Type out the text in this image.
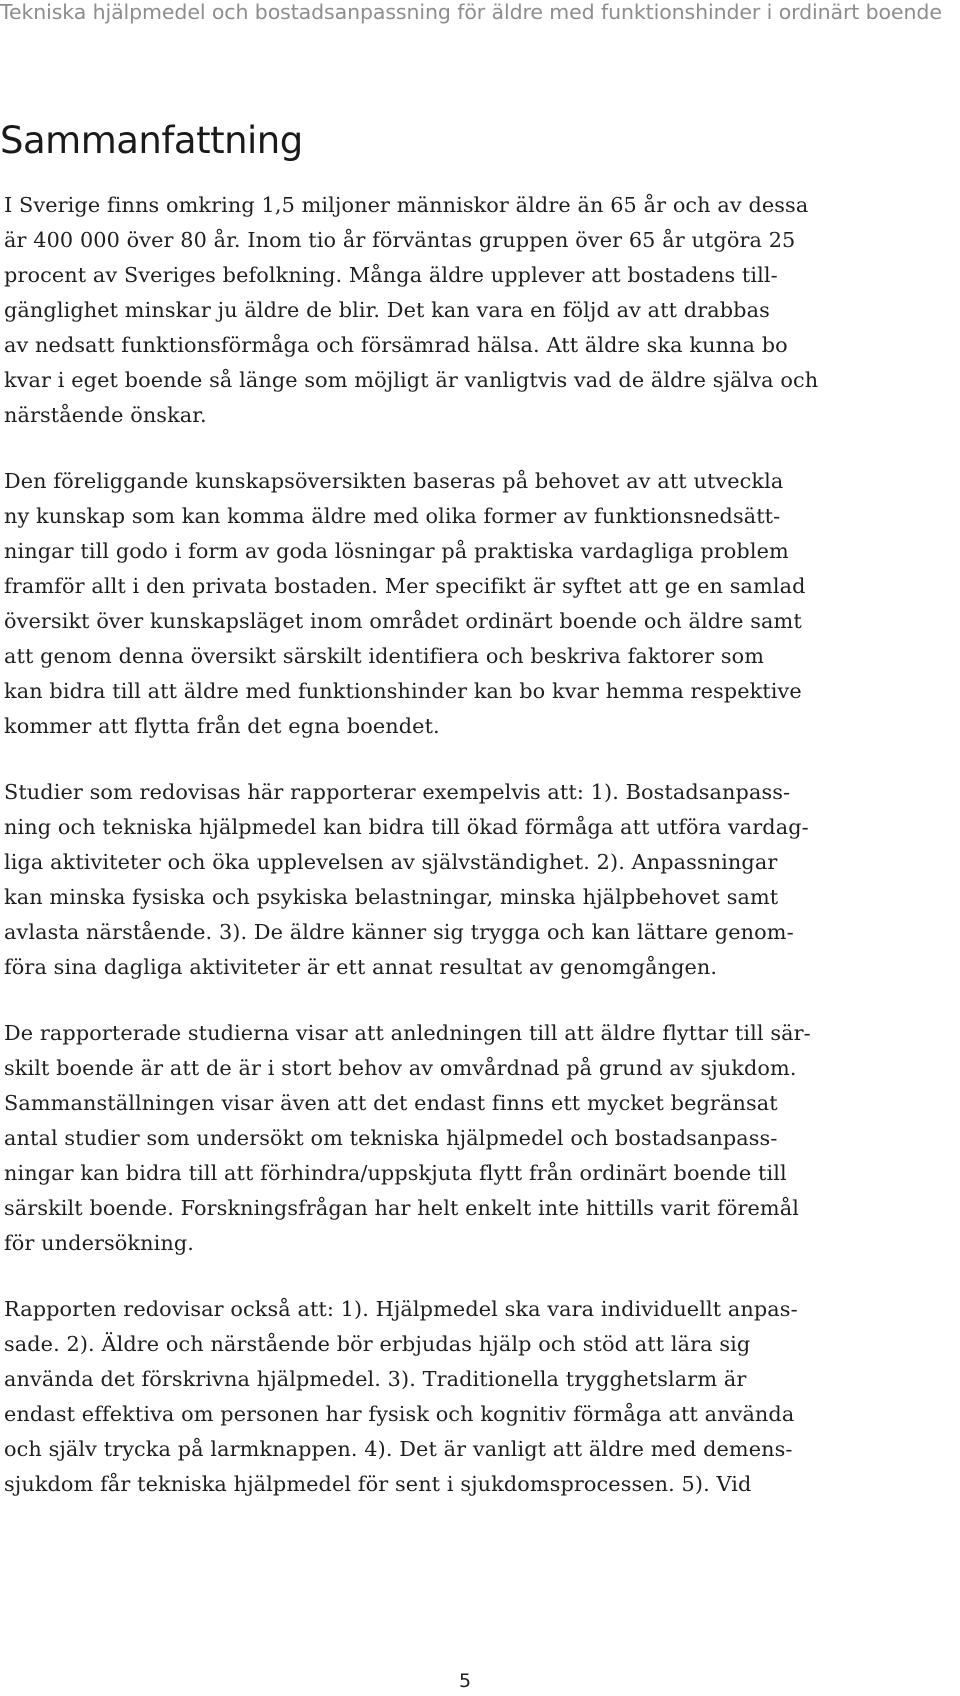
Tekniska hjälpmedel och bostadsanpassning för äldre med funktionshinder i ordinärt boende
Sammanfattning

I Sverige finns omkring 1,5 miljoner människor äldre än 65 år och av dessa
är 400 000 över 80 år. Inom tio år förväntas gruppen över 65 år utgöra 25
procent av Sveriges befolkning. Många äldre upplever att bostadens till-
gänglighet minskar ju äldre de blir. Det kan vara en följd av att drabbas
av nedsatt funktionsförmåga och försämrad hälsa. Att äldre ska kunna bo
kvar i eget boende så länge som möjligt är vanligtvis vad de äldre själva och
närstående önskar.

Den föreliggande kunskapsöversikten baseras på behovet av att utveckla
ny kunskap som kan komma äldre med olika former av funktionsnedsätt-
ningar till godo i form av goda lösningar på praktiska vardagliga problem
framför allt i den privata bostaden. Mer specifikt är syftet att ge en samlad
översikt över kunskapsläget inom området ordinärt boende och äldre samt
att genom denna översikt särskilt identifiera och beskriva faktorer som
kan bidra till att äldre med funktionshinder kan bo kvar hemma respektive
kommer att flytta från det egna boendet.

Studier som redovisas här rapporterar exempelvis att: 1). Bostadsanpass-
ning och tekniska hjälpmedel kan bidra till ökad förmåga att utföra vardag-
liga aktiviteter och öka upplevelsen av självständighet. 2). Anpassningar
kan minska fysiska och psykiska belastningar, minska hjälpbehovet samt
avlasta närstående. 3). De äldre känner sig trygga och kan lättare genom-
föra sina dagliga aktiviteter är ett annat resultat av genomgången.

De rapporterade studierna visar att anledningen till att äldre flyttar till sär-
skilt boende är att de är i stort behov av omvårdnad på grund av sjukdom.
Sammanställningen visar även att det endast finns ett mycket begränsat
antal studier som undersökt om tekniska hjälpmedel och bostadsanpass-
ningar kan bidra till att förhindra/uppskjuta flytt från ordinärt boende till
särskilt boende. Forskningsfrågan har helt enkelt inte hittills varit föremål
för undersökning.

Rapporten redovisar också att: 1). Hjälpmedel ska vara individuellt anpas-
sade. 2). Äldre och närstående bör erbjudas hjälp och stöd att lära sig
använda det förskrivna hjälpmedel. 3). Traditionella trygghetslarm är
endast effektiva om personen har fysisk och kognitiv förmåga att använda
och själv trycka på larmknappen. 4). Det är vanligt att äldre med demens-
sjukdom får tekniska hjälpmedel för sent i sjukdomsprocessen. 5). Vid

5
